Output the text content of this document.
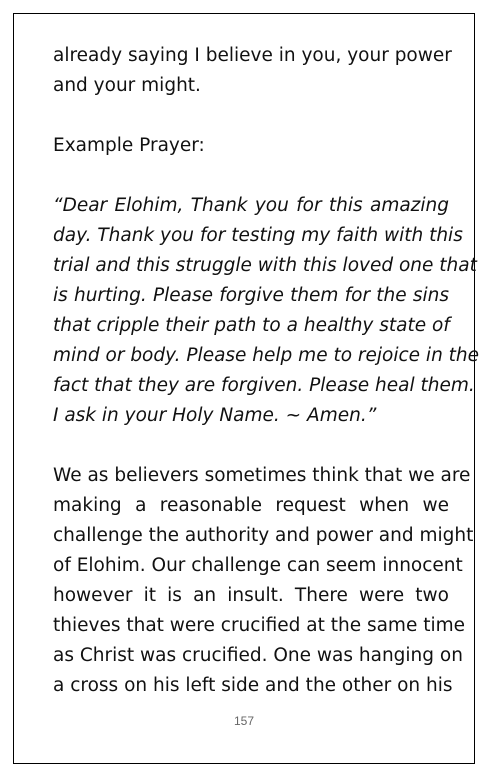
already saying I believe in you, your power
and your might.
Example Prayer:
“Dear Elohim, Thank you for this amazing
day. Thank you for testing my faith with this
trial and this struggle with this loved one that
is hurting. Please forgive them for the sins
that cripple their path to a healthy state of
mind or body. Please help me to rejoice in the
fact that they are forgiven. Please heal them.
I ask in your Holy Name. ~ Amen.”
We as believers sometimes think that we are
making a reasonable request when we
challenge the authority and power and might
of Elohim. Our challenge can seem innocent
however it is an insult. There were two
thieves that were crucified at the same time
as Christ was crucified. One was hanging on
a cross on his left side and the other on his
157
